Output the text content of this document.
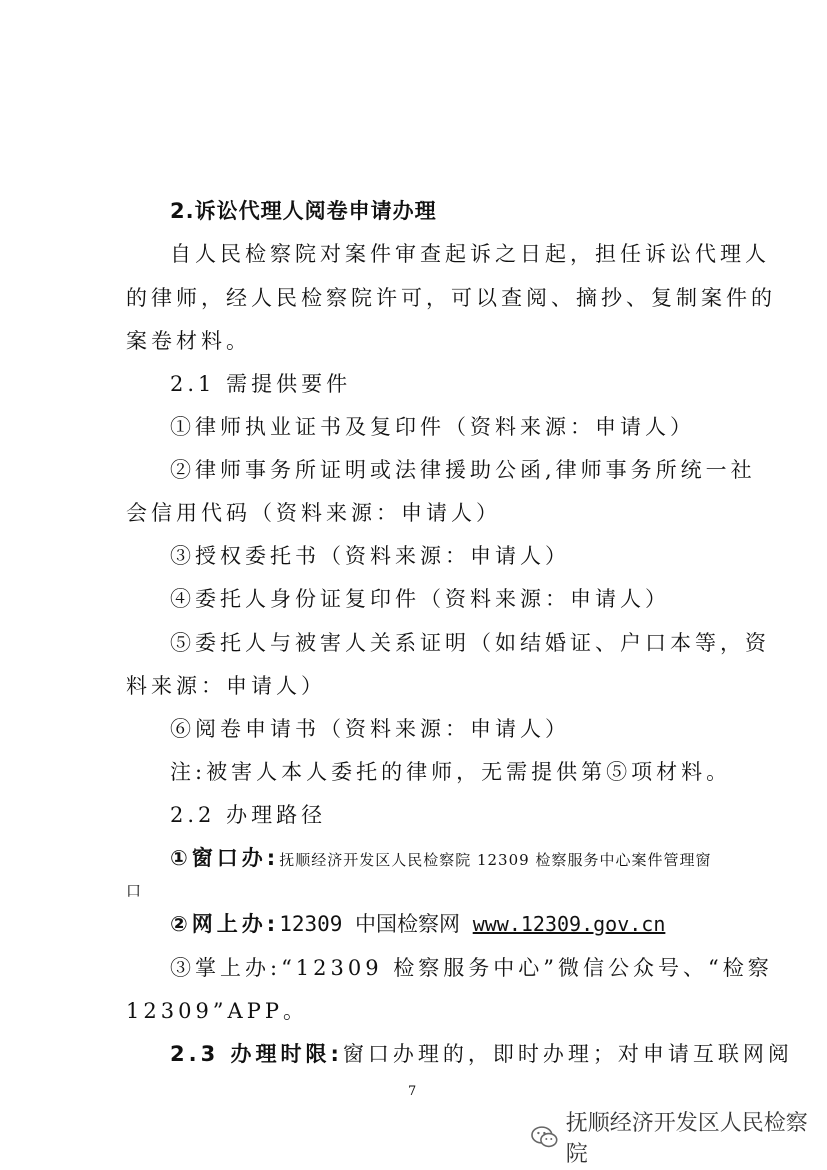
2.诉讼代理人阅卷申请办理
自人民检察院对案件审查起诉之日起，担任诉讼代理人
的律师，经人民检察院许可，可以查阅、摘抄、复制案件的
案卷材料。
2.1 需提供要件
①律师执业证书及复印件（资料来源：申请人）
②律师事务所证明或法律援助公函,律师事务所统一社
会信用代码（资料来源：申请人）
③授权委托书（资料来源：申请人）
④委托人身份证复印件（资料来源：申请人）
⑤委托人与被害人关系证明（如结婚证、户口本等，资
料来源：申请人）
⑥阅卷申请书（资料来源：申请人）
注:被害人本人委托的律师，无需提供第⑤项材料。
2.2 办理路径
①窗口办:抚顺经济开发区人民检察院 12309 检察服务中心案件管理窗
口
②网上办:12309 中国检察网 www.12309.gov.cn
③掌上办:“12309 检察服务中心”微信公众号、“检察
12309”APP。
2.3 办理时限:窗口办理的，即时办理；对申请互联网阅
7
抚顺经济开发区人民检察院
